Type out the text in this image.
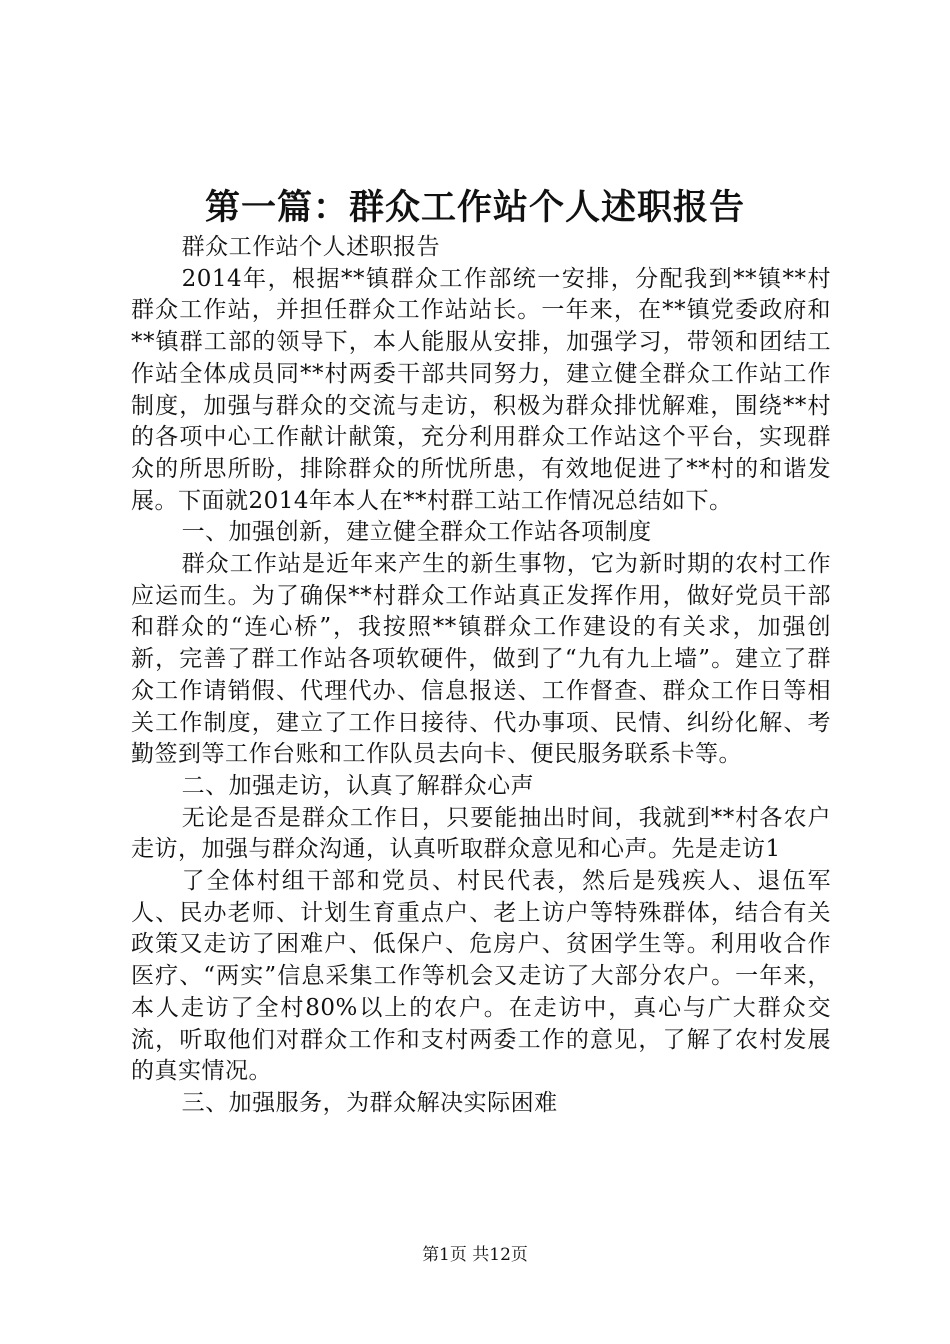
第一篇：群众工作站个人述职报告

群众工作站个人述职报告

2014年，根据**镇群众工作部统一安排，分配我到**镇**村群众工作站，并担任群众工作站站长。一年来，在**镇党委政府和**镇群工部的领导下，本人能服从安排，加强学习，带领和团结工作站全体成员同**村两委干部共同努力，建立健全群众工作站工作制度，加强与群众的交流与走访，积极为群众排忧解难，围绕**村的各项中心工作献计献策，充分利用群众工作站这个平台，实现群众的所思所盼，排除群众的所忧所患，有效地促进了**村的和谐发展。下面就2014年本人在**村群工站工作情况总结如下。

一、加强创新，建立健全群众工作站各项制度

群众工作站是近年来产生的新生事物，它为新时期的农村工作应运而生。为了确保**村群众工作站真正发挥作用，做好党员干部和群众的“连心桥”，我按照**镇群众工作建设的有关求，加强创新，完善了群工作站各项软硬件，做到了“九有九上墙”。建立了群众工作请销假、代理代办、信息报送、工作督查、群众工作日等相关工作制度，建立了工作日接待、代办事项、民情、纠纷化解、考勤签到等工作台账和工作队员去向卡、便民服务联系卡等。

二、加强走访，认真了解群众心声

无论是否是群众工作日，只要能抽出时间，我就到**村各农户走访，加强与群众沟通，认真听取群众意见和心声。先是走访1

了全体村组干部和党员、村民代表，然后是残疾人、退伍军人、民办老师、计划生育重点户、老上访户等特殊群体，结合有关政策又走访了困难户、低保户、危房户、贫困学生等。利用收合作医疗、“两实”信息采集工作等机会又走访了大部分农户。一年来，本人走访了全村80%以上的农户。在走访中，真心与广大群众交流，听取他们对群众工作和支村两委工作的意见，了解了农村发展的真实情况。

三、加强服务，为群众解决实际困难

第1页 共12页
